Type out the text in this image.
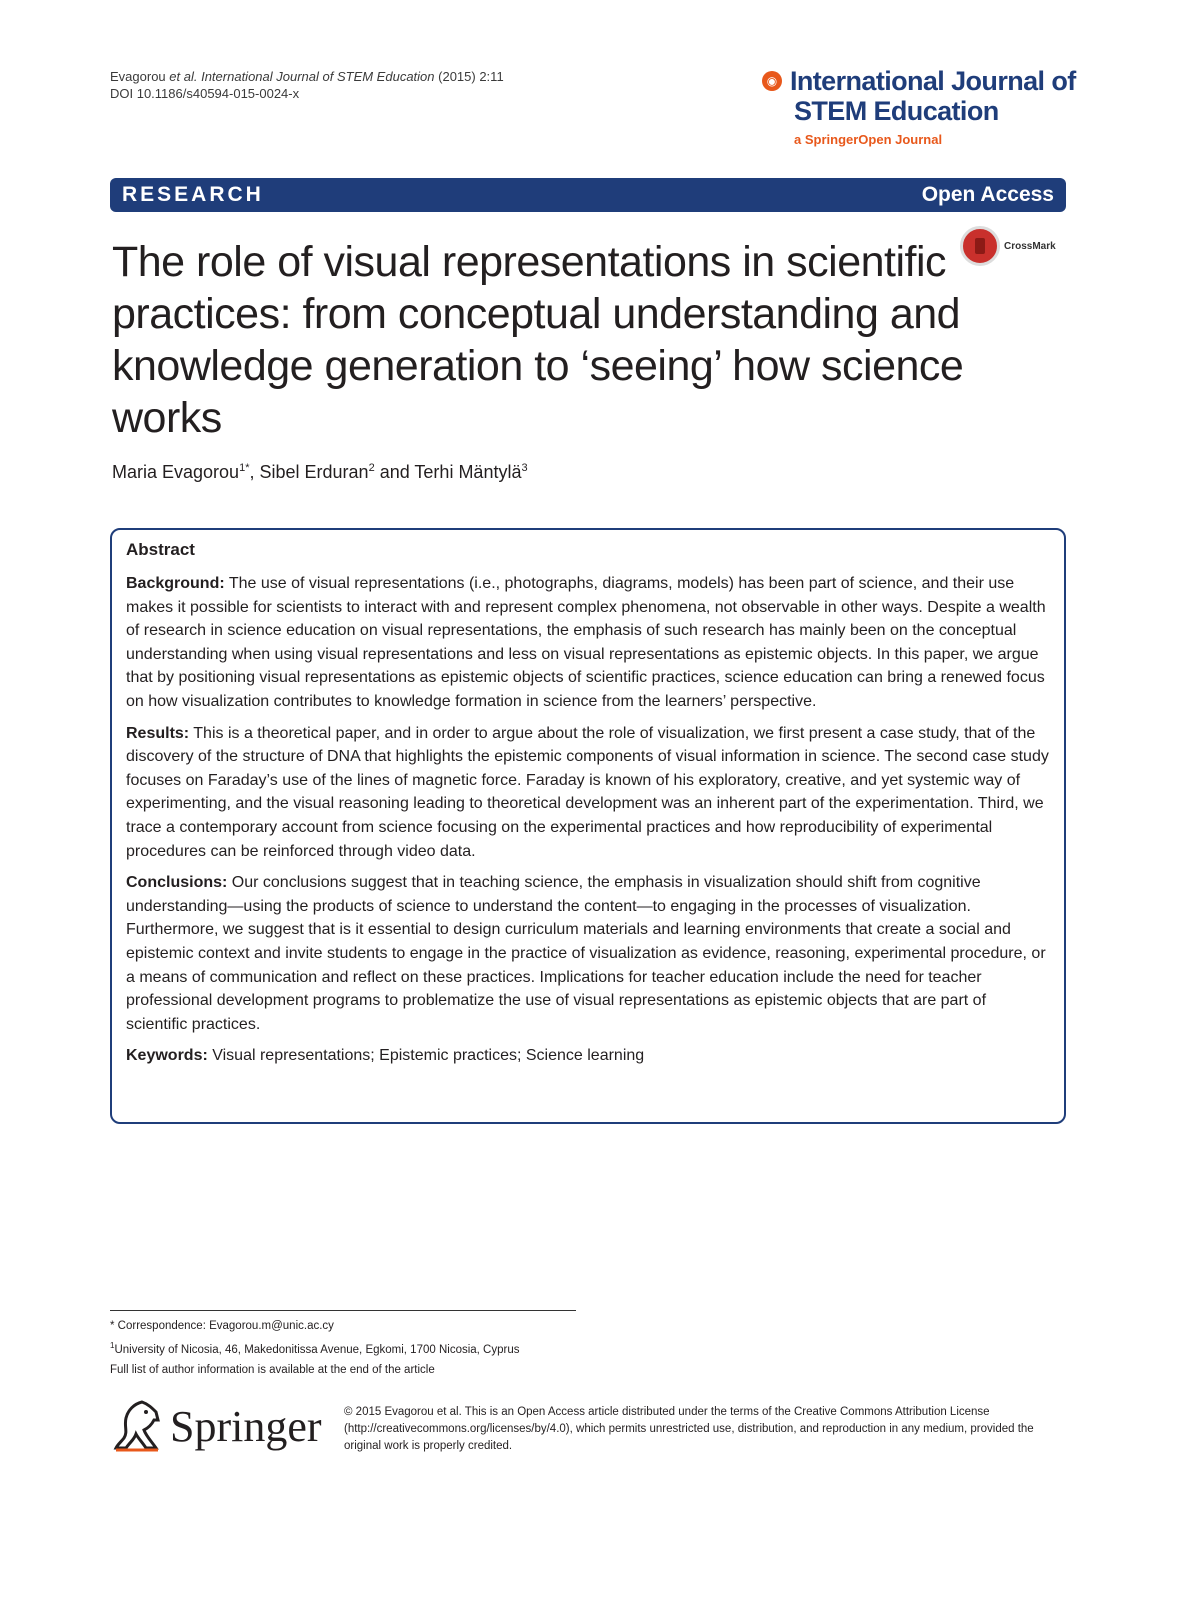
Evagorou et al. International Journal of STEM Education (2015) 2:11
DOI 10.1186/s40594-015-0024-x
◉ International Journal of
STEM Education
a SpringerOpen Journal
RESEARCH	Open Access
The role of visual representations in scientific practices: from conceptual understanding and knowledge generation to ‘seeing’ how science works
CrossMark
Maria Evagorou$^{1*}$, Sibel Erduran$^2$ and Terhi Mäntylä$^3$
Abstract

Background: The use of visual representations (i.e., photographs, diagrams, models) has been part of science, and their use makes it possible for scientists to interact with and represent complex phenomena, not observable in other ways. Despite a wealth of research in science education on visual representations, the emphasis of such research has mainly been on the conceptual understanding when using visual representations and less on visual representations as epistemic objects. In this paper, we argue that by positioning visual representations as epistemic objects of scientific practices, science education can bring a renewed focus on how visualization contributes to knowledge formation in science from the learners’ perspective.

Results: This is a theoretical paper, and in order to argue about the role of visualization, we first present a case study, that of the discovery of the structure of DNA that highlights the epistemic components of visual information in science. The second case study focuses on Faraday’s use of the lines of magnetic force. Faraday is known of his exploratory, creative, and yet systemic way of experimenting, and the visual reasoning leading to theoretical development was an inherent part of the experimentation. Third, we trace a contemporary account from science focusing on the experimental practices and how reproducibility of experimental procedures can be reinforced through video data.

Conclusions: Our conclusions suggest that in teaching science, the emphasis in visualization should shift from cognitive understanding—using the products of science to understand the content—to engaging in the processes of visualization. Furthermore, we suggest that is it essential to design curriculum materials and learning environments that create a social and epistemic context and invite students to engage in the practice of visualization as evidence, reasoning, experimental procedure, or a means of communication and reflect on these practices. Implications for teacher education include the need for teacher professional development programs to problematize the use of visual representations as epistemic objects that are part of scientific practices.

Keywords: Visual representations; Epistemic practices; Science learning

* Correspondence: Evagorou.m@unic.ac.cy
$^1$University of Nicosia, 46, Makedonitissa Avenue, Egkomi, 1700 Nicosia, Cyprus
Full list of author information is available at the end of the article
Springer © 2015 Evagorou et al. This is an Open Access article distributed under the terms of the Creative Commons Attribution License (http://creativecommons.org/licenses/by/4.0), which permits unrestricted use, distribution, and reproduction in any medium, provided the original work is properly credited.
